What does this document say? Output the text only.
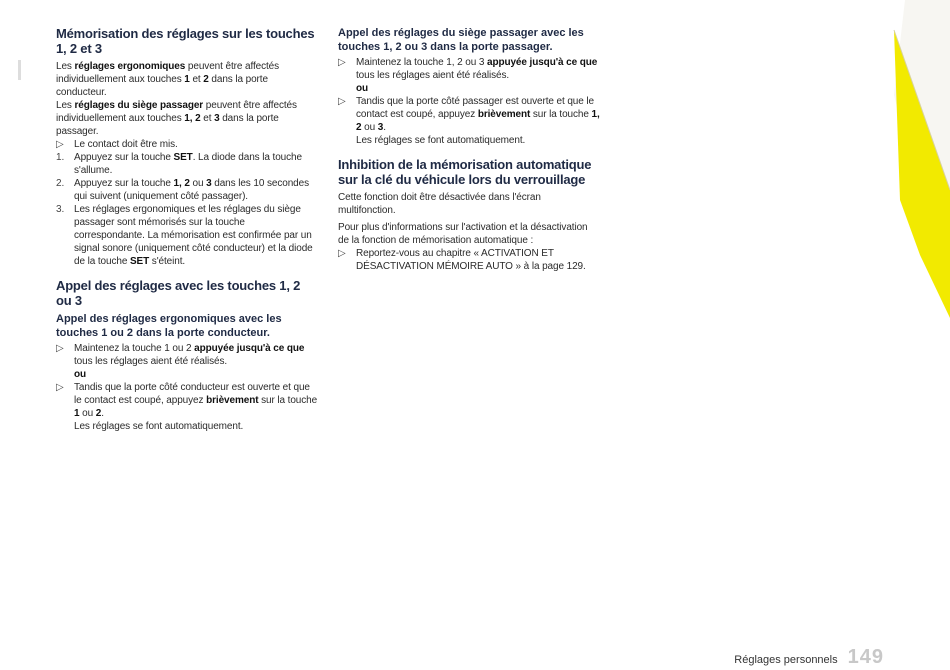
Mémorisation des réglages sur les touches 1, 2 et 3

Les réglages ergonomiques peuvent être affectés individuellement aux touches 1 et 2 dans la porte conducteur.

Les réglages du siège passager peuvent être affectés individuellement aux touches 1, 2 et 3 dans la porte passager.

▷	Le contact doit être mis.
1. Appuyez sur la touche SET. La diode dans la touche s'allume.
2. Appuyez sur la touche 1, 2 ou 3 dans les 10 secondes qui suivent (uniquement côté passager).
3. Les réglages ergonomiques et les réglages du siège passager sont mémorisés sur la touche correspondante. La mémorisation est confirmée par un signal sonore (uniquement côté conducteur) et la diode de la touche SET s'éteint.
Appel des réglages avec les touches 1, 2 ou 3
Appel des réglages ergonomiques avec les touches 1 ou 2 dans la porte conducteur.
▷	Maintenez la touche 1 ou 2 appuyée jusqu'à ce que tous les réglages aient été réalisés.

ou

▷	Tandis que la porte côté conducteur est ouverte et que le contact est coupé, appuyez brièvement sur la touche 1 ou 2.

Les réglages se font automatiquement.

Appel des réglages du siège passager avec les touches 1, 2 ou 3 dans la porte passager.
▷	Maintenez la touche 1, 2 ou 3 appuyée jusqu'à ce que tous les réglages aient été réalisés.

ou

▷	Tandis que la porte côté passager est ouverte et que le contact est coupé, appuyez brièvement sur la touche 1, 2 ou 3.

Les réglages se font automatiquement.

Inhibition de la mémorisation automatique sur la clé du véhicule lors du verrouillage

Cette fonction doit être désactivée dans l'écran multifonction.

Pour plus d'informations sur l'activation et la désactivation de la fonction de mémorisation automatique :

▷	Reportez-vous au chapitre « ACTIVATION ET DÉSACTIVATION MÉMOIRE AUTO » à la page 129.
Réglages personnels 149
